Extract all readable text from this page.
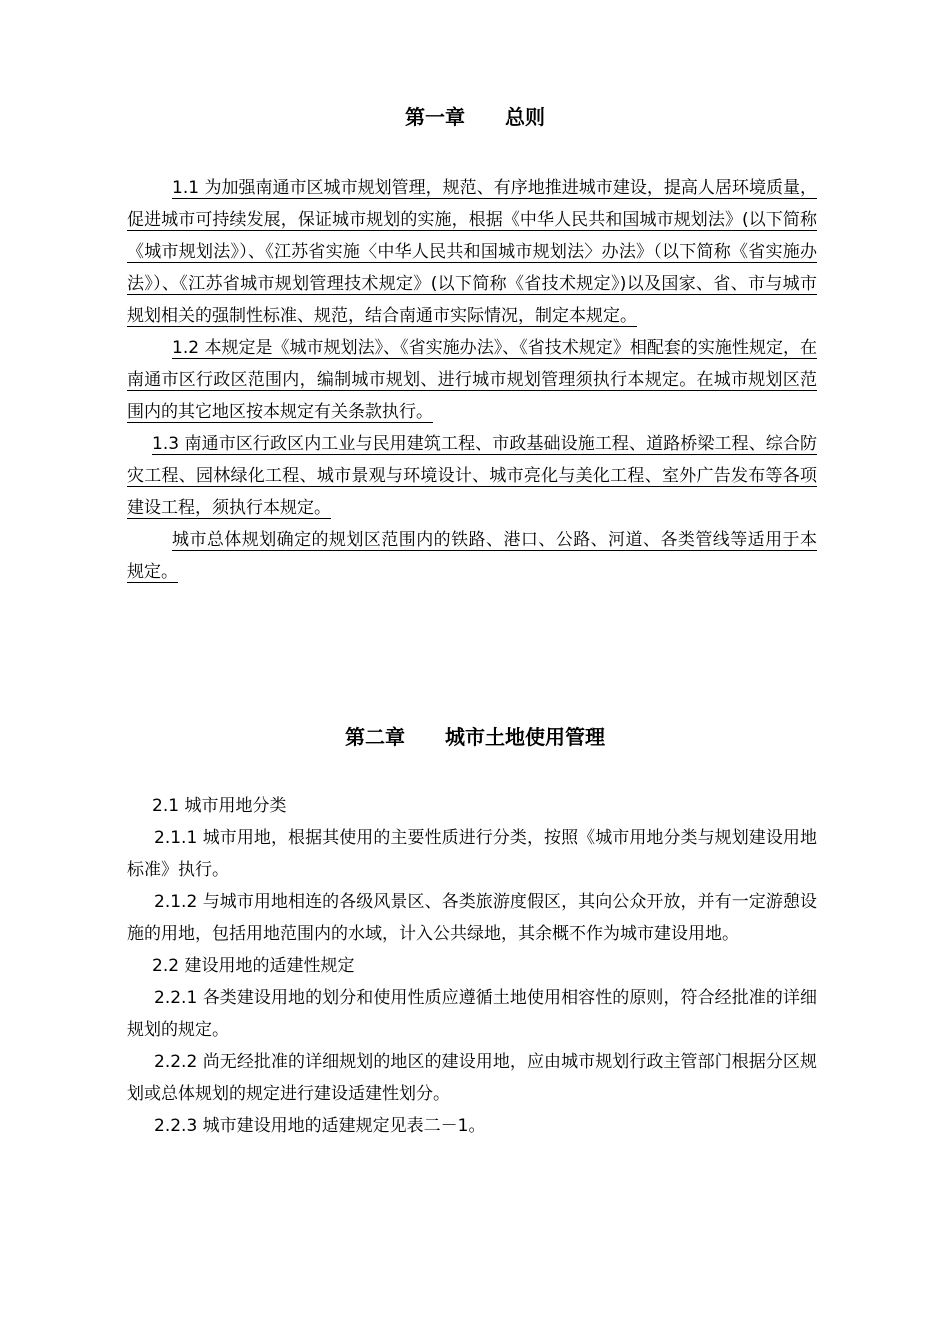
第一章　　总则

1.1 为加强南通市区城市规划管理，规范、有序地推进城市建设，提高人居环境质量，促进城市可持续发展，保证城市规划的实施，根据《中华人民共和国城市规划法》(以下简称《城市规划法》）、《江苏省实施〈中华人民共和国城市规划法〉办法》（以下简称《省实施办法》）、《江苏省城市规划管理技术规定》(以下简称《省技术规定》)以及国家、省、市与城市规划相关的强制性标准、规范，结合南通市实际情况，制定本规定。

1.2 本规定是《城市规划法》、《省实施办法》、《省技术规定》相配套的实施性规定，在南通市区行政区范围内，编制城市规划、进行城市规划管理须执行本规定。在城市规划区范围内的其它地区按本规定有关条款执行。

1.3 南通市区行政区内工业与民用建筑工程、市政基础设施工程、道路桥梁工程、综合防灾工程、园林绿化工程、城市景观与环境设计、城市亮化与美化工程、室外广告发布等各项建设工程，须执行本规定。

城市总体规划确定的规划区范围内的铁路、港口、公路、河道、各类管线等适用于本规定。

第二章　　城市土地使用管理

2.1 城市用地分类

2.1.1 城市用地，根据其使用的主要性质进行分类，按照《城市用地分类与规划建设用地标准》执行。

2.1.2 与城市用地相连的各级风景区、各类旅游度假区，其向公众开放，并有一定游憩设施的用地，包括用地范围内的水域，计入公共绿地，其余概不作为城市建设用地。

2.2 建设用地的适建性规定

2.2.1 各类建设用地的划分和使用性质应遵循土地使用相容性的原则，符合经批准的详细规划的规定。

2.2.2 尚无经批准的详细规划的地区的建设用地，应由城市规划行政主管部门根据分区规划或总体规划的规定进行建设适建性划分。

2.2.3 城市建设用地的适建规定见表二－1。
